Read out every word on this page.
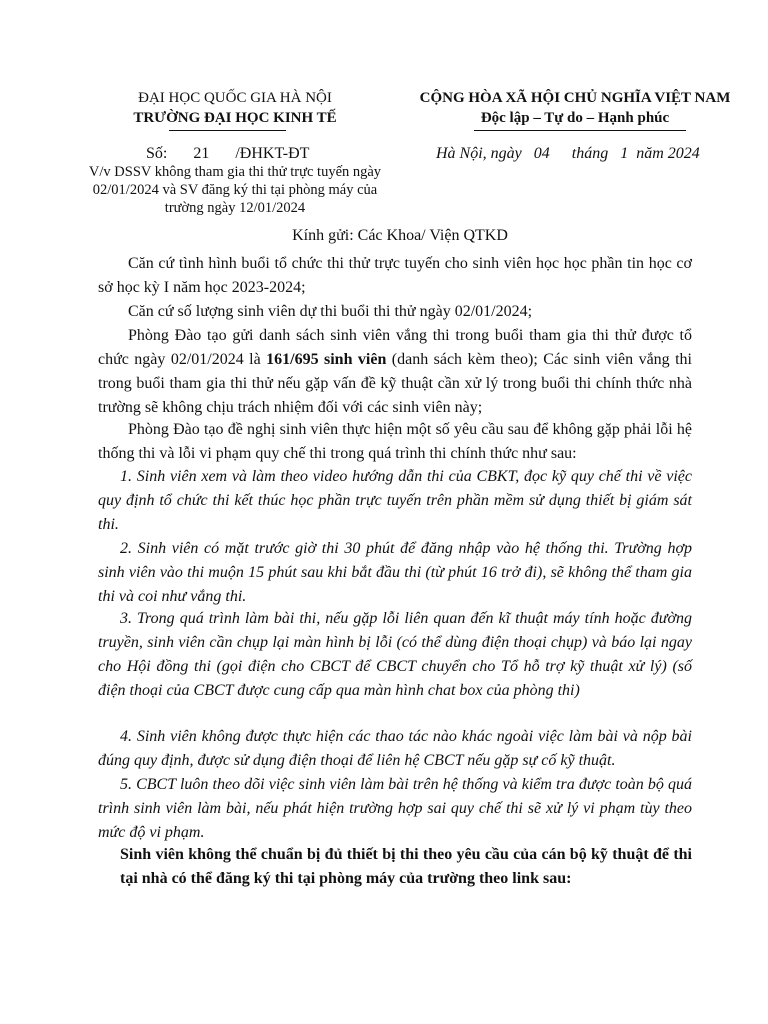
ĐẠI HỌC QUỐC GIA HÀ NỘI
TRƯỜNG ĐẠI HỌC KINH TẾ
CỘNG HÒA XÃ HỘI CHỦ NGHĨA VIỆT NAM
Độc lập – Tự do – Hạnh phúc
Số: 21 /ĐHKT-ĐT	Hà Nội, ngày 04 tháng 1 năm 2024
V/v DSSV không tham gia thi thử trực tuyến ngày
02/01/2024 và SV đăng ký thi tại phòng máy của
trường ngày 12/01/2024
Kính gửi: Các Khoa/ Viện QTKD
Căn cứ tình hình buổi tổ chức thi thử trực tuyến cho sinh viên học học phần tin học cơ sở học kỳ I năm học 2023-2024;
Căn cứ số lượng sinh viên dự thi buổi thi thử ngày 02/01/2024;
Phòng Đào tạo gửi danh sách sinh viên vắng thi trong buổi tham gia thi thử được tổ chức ngày 02/01/2024 là 161/695 sinh viên (danh sách kèm theo); Các sinh viên vắng thi trong buổi tham gia thi thử nếu gặp vấn đề kỹ thuật cần xử lý trong buổi thi chính thức nhà trường sẽ không chịu trách nhiệm đối với các sinh viên này;
Phòng Đào tạo đề nghị sinh viên thực hiện một số yêu cầu sau để không gặp phải lỗi hệ thống thi và lỗi vi phạm quy chế thi trong quá trình thi chính thức như sau:
1. Sinh viên xem và làm theo video hướng dẫn thi của CBKT, đọc kỹ quy chế thi về việc quy định tổ chức thi kết thúc học phần trực tuyến trên phần mềm sử dụng thiết bị giám sát thi.
2. Sinh viên có mặt trước giờ thi 30 phút để đăng nhập vào hệ thống thi. Trường hợp sinh viên vào thi muộn 15 phút sau khi bắt đầu thi (từ phút 16 trở đi), sẽ không thể tham gia thi và coi như vắng thi.
3. Trong quá trình làm bài thi, nếu gặp lỗi liên quan đến kĩ thuật máy tính hoặc đường truyền, sinh viên cần chụp lại màn hình bị lỗi (có thể dùng điện thoại chụp) và báo lại ngay cho Hội đồng thi (gọi điện cho CBCT để CBCT chuyển cho Tổ hỗ trợ kỹ thuật xử lý) (số điện thoại của CBCT được cung cấp qua màn hình chat box của phòng thi)
4. Sinh viên không được thực hiện các thao tác nào khác ngoài việc làm bài và nộp bài đúng quy định, được sử dụng điện thoại để liên hệ CBCT nếu gặp sự cố kỹ thuật.
5. CBCT luôn theo dõi việc sinh viên làm bài trên hệ thống và kiểm tra được toàn bộ quá trình sinh viên làm bài, nếu phát hiện trường hợp sai quy chế thi sẽ xử lý vi phạm tùy theo mức độ vi phạm.
Sinh viên không thể chuẩn bị đủ thiết bị thi theo yêu cầu của cán bộ kỹ thuật để thi tại nhà có thể đăng ký thi tại phòng máy của trường theo link sau:
